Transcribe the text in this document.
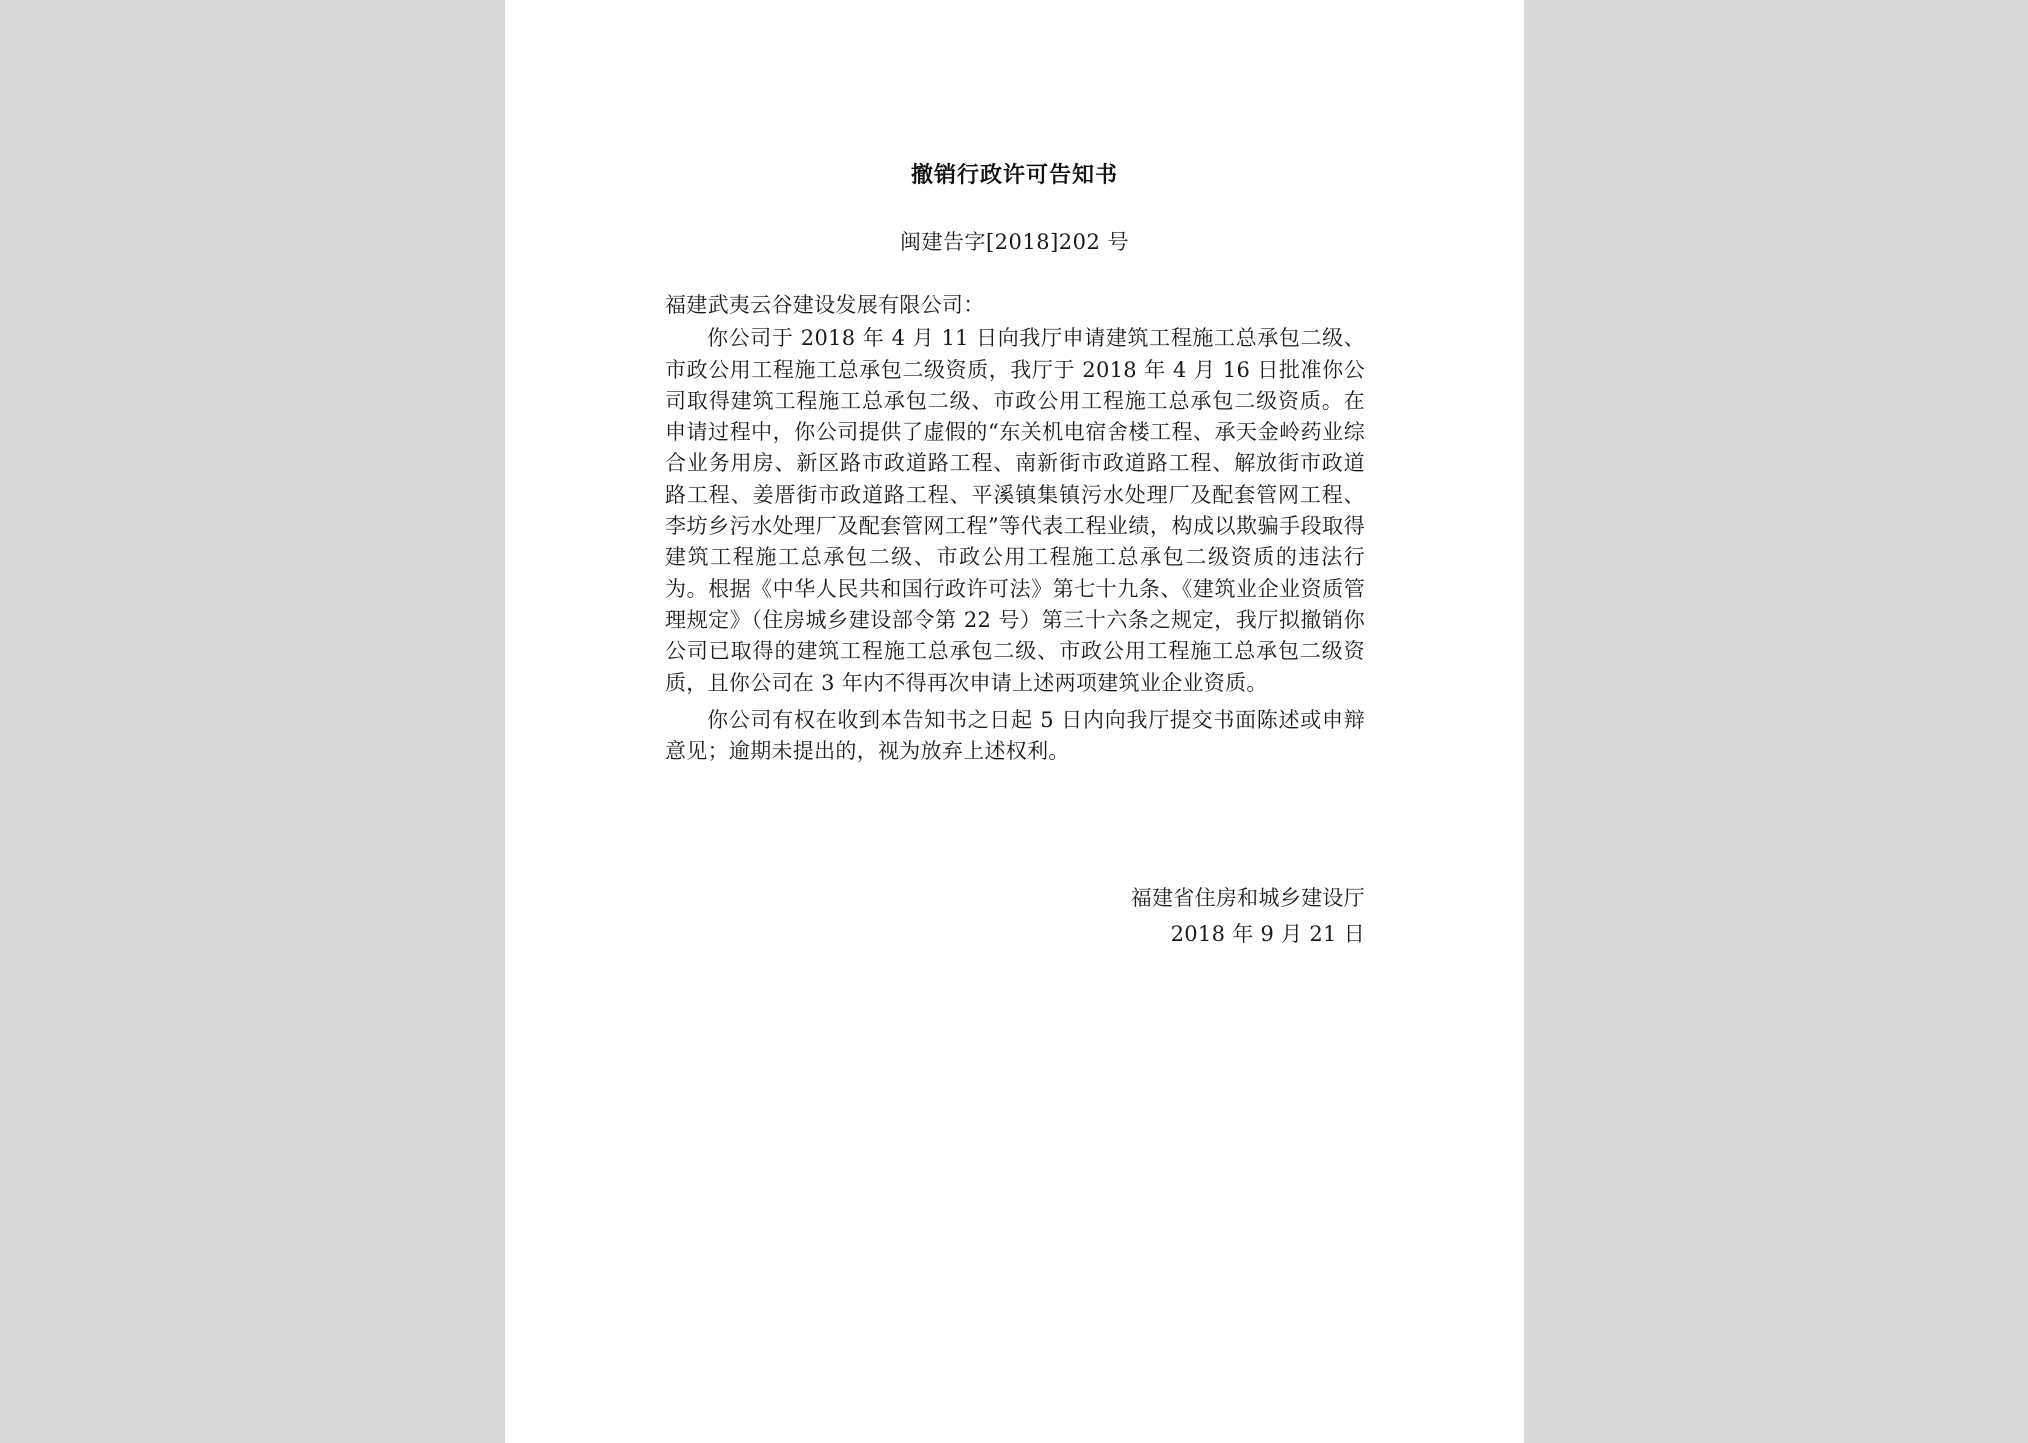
撤销行政许可告知书
闽建告字[2018]202 号

福建武夷云谷建设发展有限公司：

你公司于 2018 年 4 月 11 日向我厅申请建筑工程施工总承包二级、市政公用工程施工总承包二级资质，我厅于 2018 年 4 月 16 日批准你公司取得建筑工程施工总承包二级、市政公用工程施工总承包二级资质。在申请过程中，你公司提供了虚假的“东关机电宿舍楼工程、承天金岭药业综合业务用房、新区路市政道路工程、南新街市政道路工程、解放街市政道路工程、姜厝街市政道路工程、平溪镇集镇污水处理厂及配套管网工程、李坊乡污水处理厂及配套管网工程”等代表工程业绩，构成以欺骗手段取得建筑工程施工总承包二级、市政公用工程施工总承包二级资质的违法行为。根据《中华人民共和国行政许可法》第七十九条、《建筑业企业资质管理规定》（住房城乡建设部令第 22 号）第三十六条之规定，我厅拟撤销你公司已取得的建筑工程施工总承包二级、市政公用工程施工总承包二级资质，且你公司在 3 年内不得再次申请上述两项建筑业企业资质。

你公司有权在收到本告知书之日起 5 日内向我厅提交书面陈述或申辩意见；逾期未提出的，视为放弃上述权利。

福建省住房和城乡建设厅
2018 年 9 月 21 日
